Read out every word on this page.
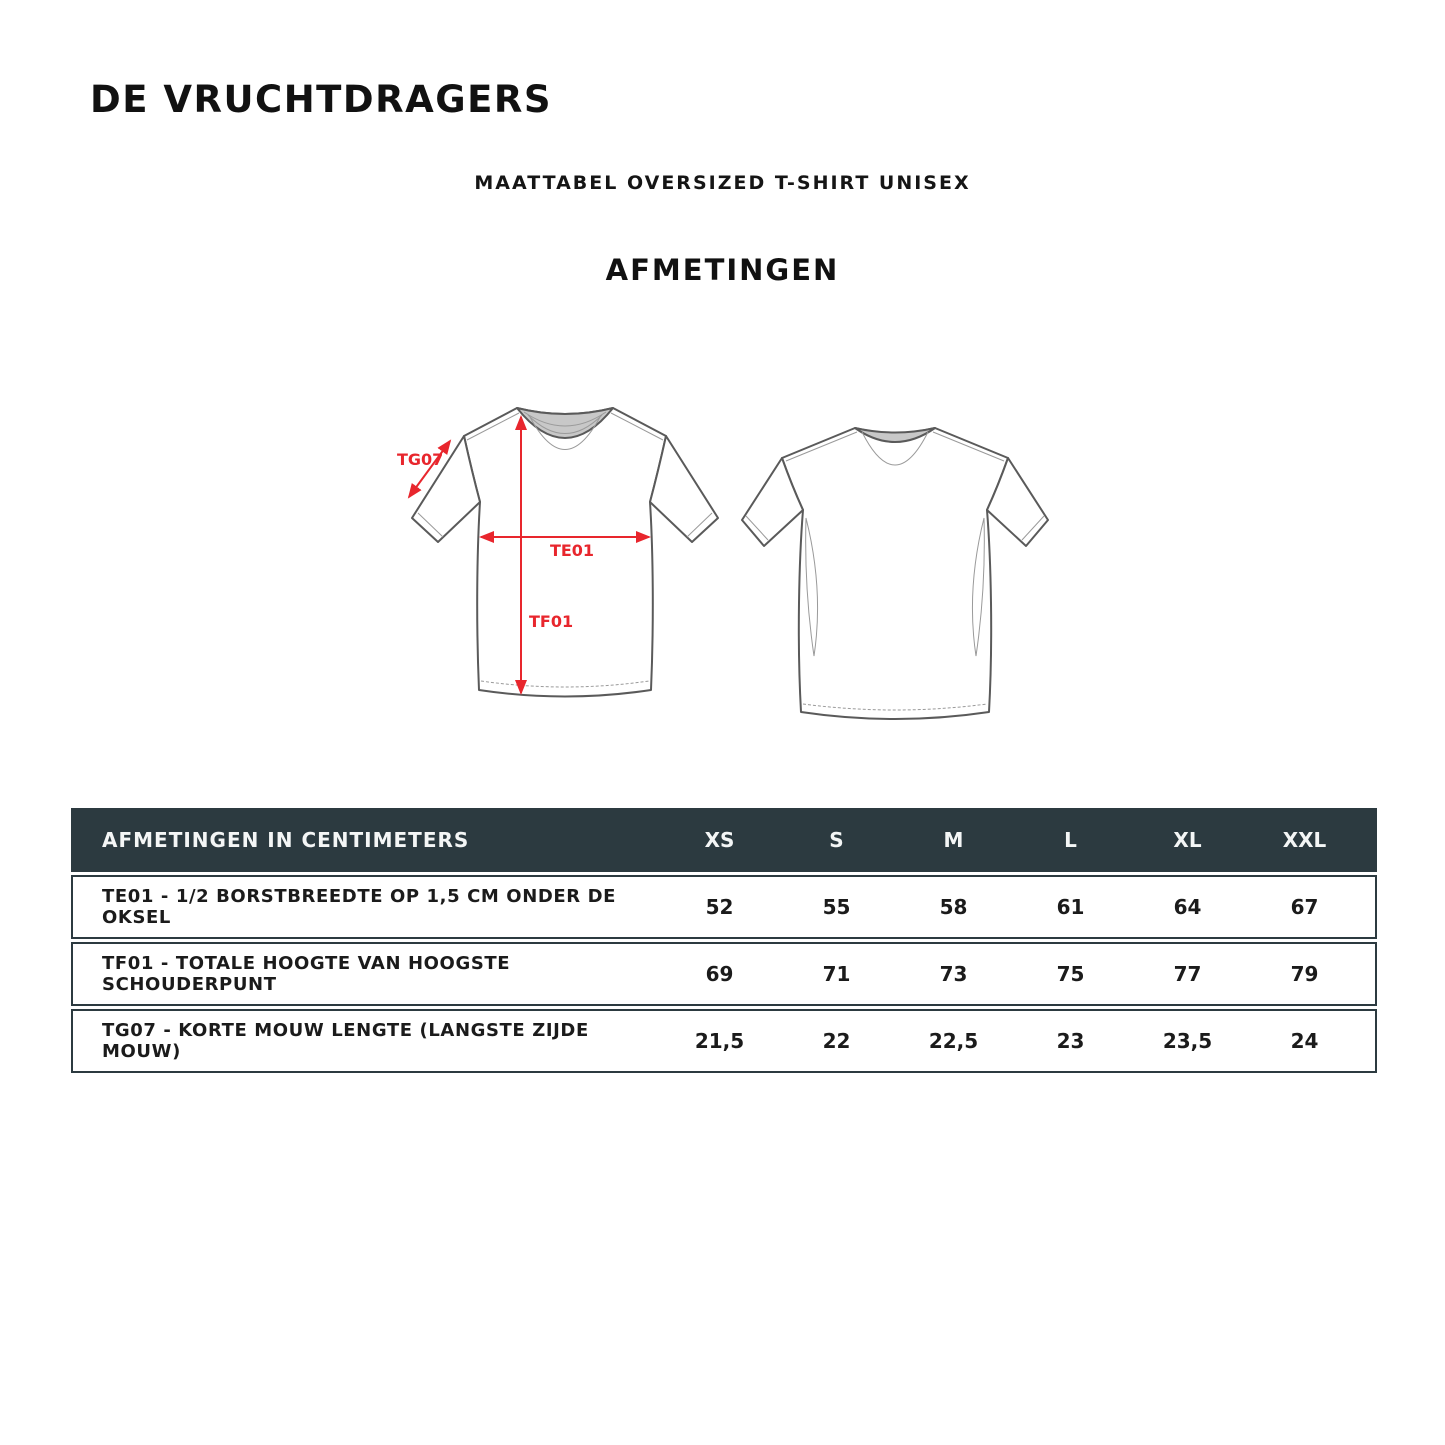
DE VRUCHTDRAGERS
MAATTABEL OVERSIZED T-SHIRT UNISEX
AFMETINGEN
TE01
TF01
TG07
AFMETINGEN IN CENTIMETERS	XS	S	M	L	XL	XXL
TE01 - 1/2 BORSTBREEDTE OP 1,5 CM ONDER DE OKSEL	52	55	58	61	64	67
TF01 - TOTALE HOOGTE VAN HOOGSTE SCHOUDERPUNT	69	71	73	75	77	79
TG07 - KORTE MOUW LENGTE (LANGSTE ZIJDE MOUW)	21,5	22	22,5	23	23,5	24
